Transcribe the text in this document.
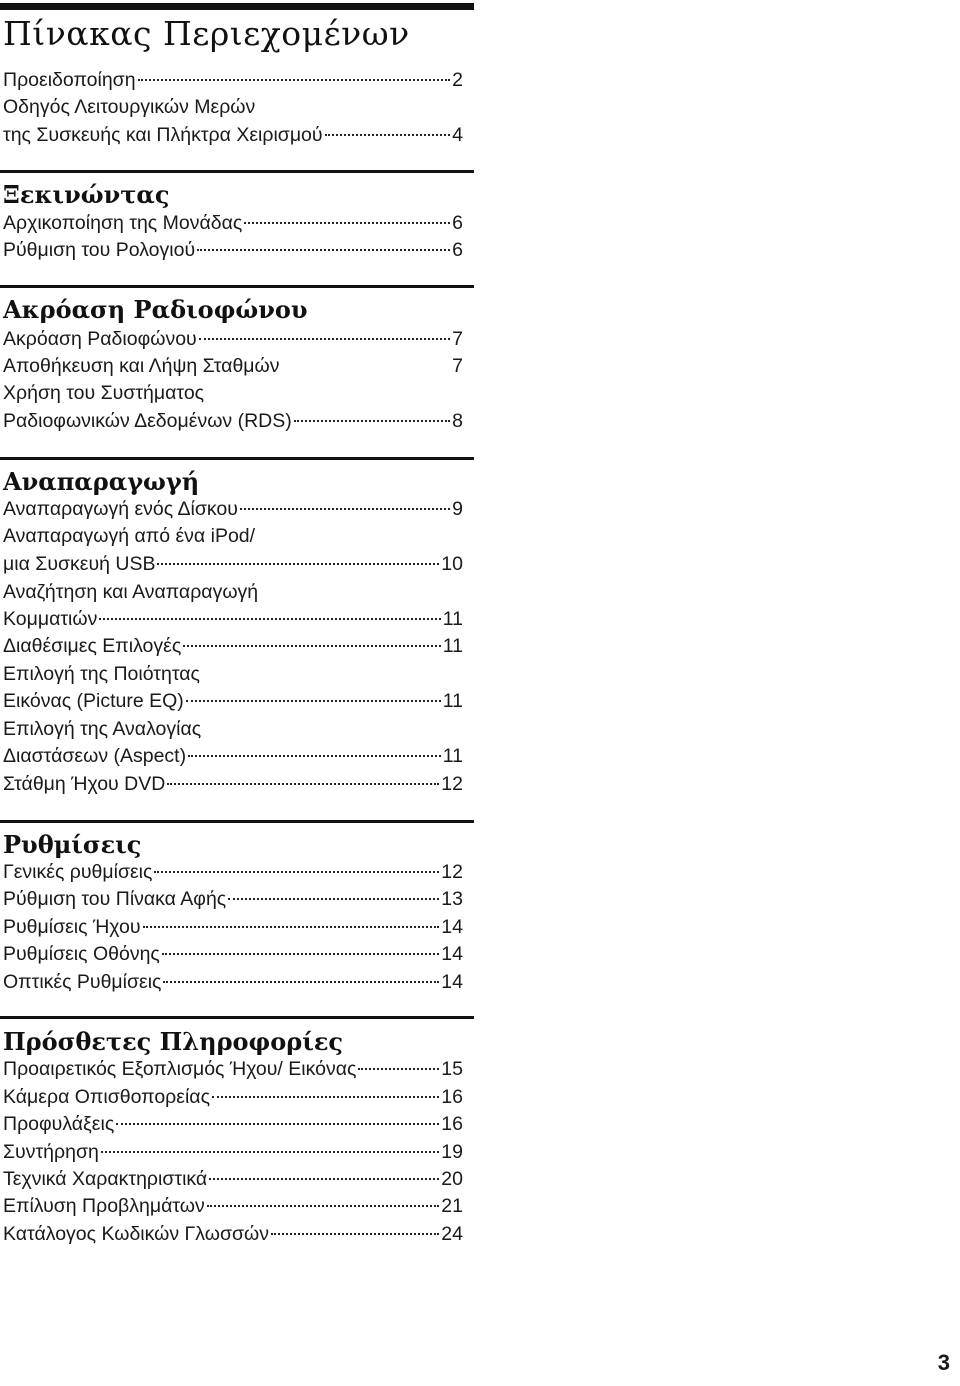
Πίνακας Περιεχομένων
Προειδοποίηση	2
Οδηγός Λειτουργικών Μερών
της Συσκευής και Πλήκτρα Χειρισμού	4
Ξεκινώντας
Αρχικοποίηση της Μονάδας	6
Ρύθμιση του Ρολογιού	6
Ακρόαση Ραδιοφώνου
Ακρόαση Ραδιοφώνου	7
Αποθήκευση και Λήψη Σταθμών	7
Χρήση του Συστήματος
Ραδιοφωνικών Δεδομένων (RDS)	8
Αναπαραγωγή
Αναπαραγωγή ενός Δίσκου	9
Αναπαραγωγή από ένα iPod/
μια Συσκευή USB	10
Αναζήτηση και Αναπαραγωγή
Κομματιών	11
Διαθέσιμες Επιλογές	11
Επιλογή της Ποιότητας
Εικόνας (Picture EQ)	11
Επιλογή της Αναλογίας
Διαστάσεων (Aspect)	11
Στάθμη Ήχου DVD	12
Ρυθμίσεις
Γενικές ρυθμίσεις	12
Ρύθμιση του Πίνακα Αφής	13
Ρυθμίσεις Ήχου	14
Ρυθμίσεις Οθόνης	14
Οπτικές Ρυθμίσεις	14
Πρόσθετες Πληροφορίες
Προαιρετικός Εξοπλισμός Ήχου/ Εικόνας	15
Κάμερα Οπισθοπορείας	16
Προφυλάξεις	16
Συντήρηση	19
Τεχνικά Χαρακτηριστικά	20
Επίλυση Προβλημάτων	21
Κατάλογος Κωδικών Γλωσσών	24
3
